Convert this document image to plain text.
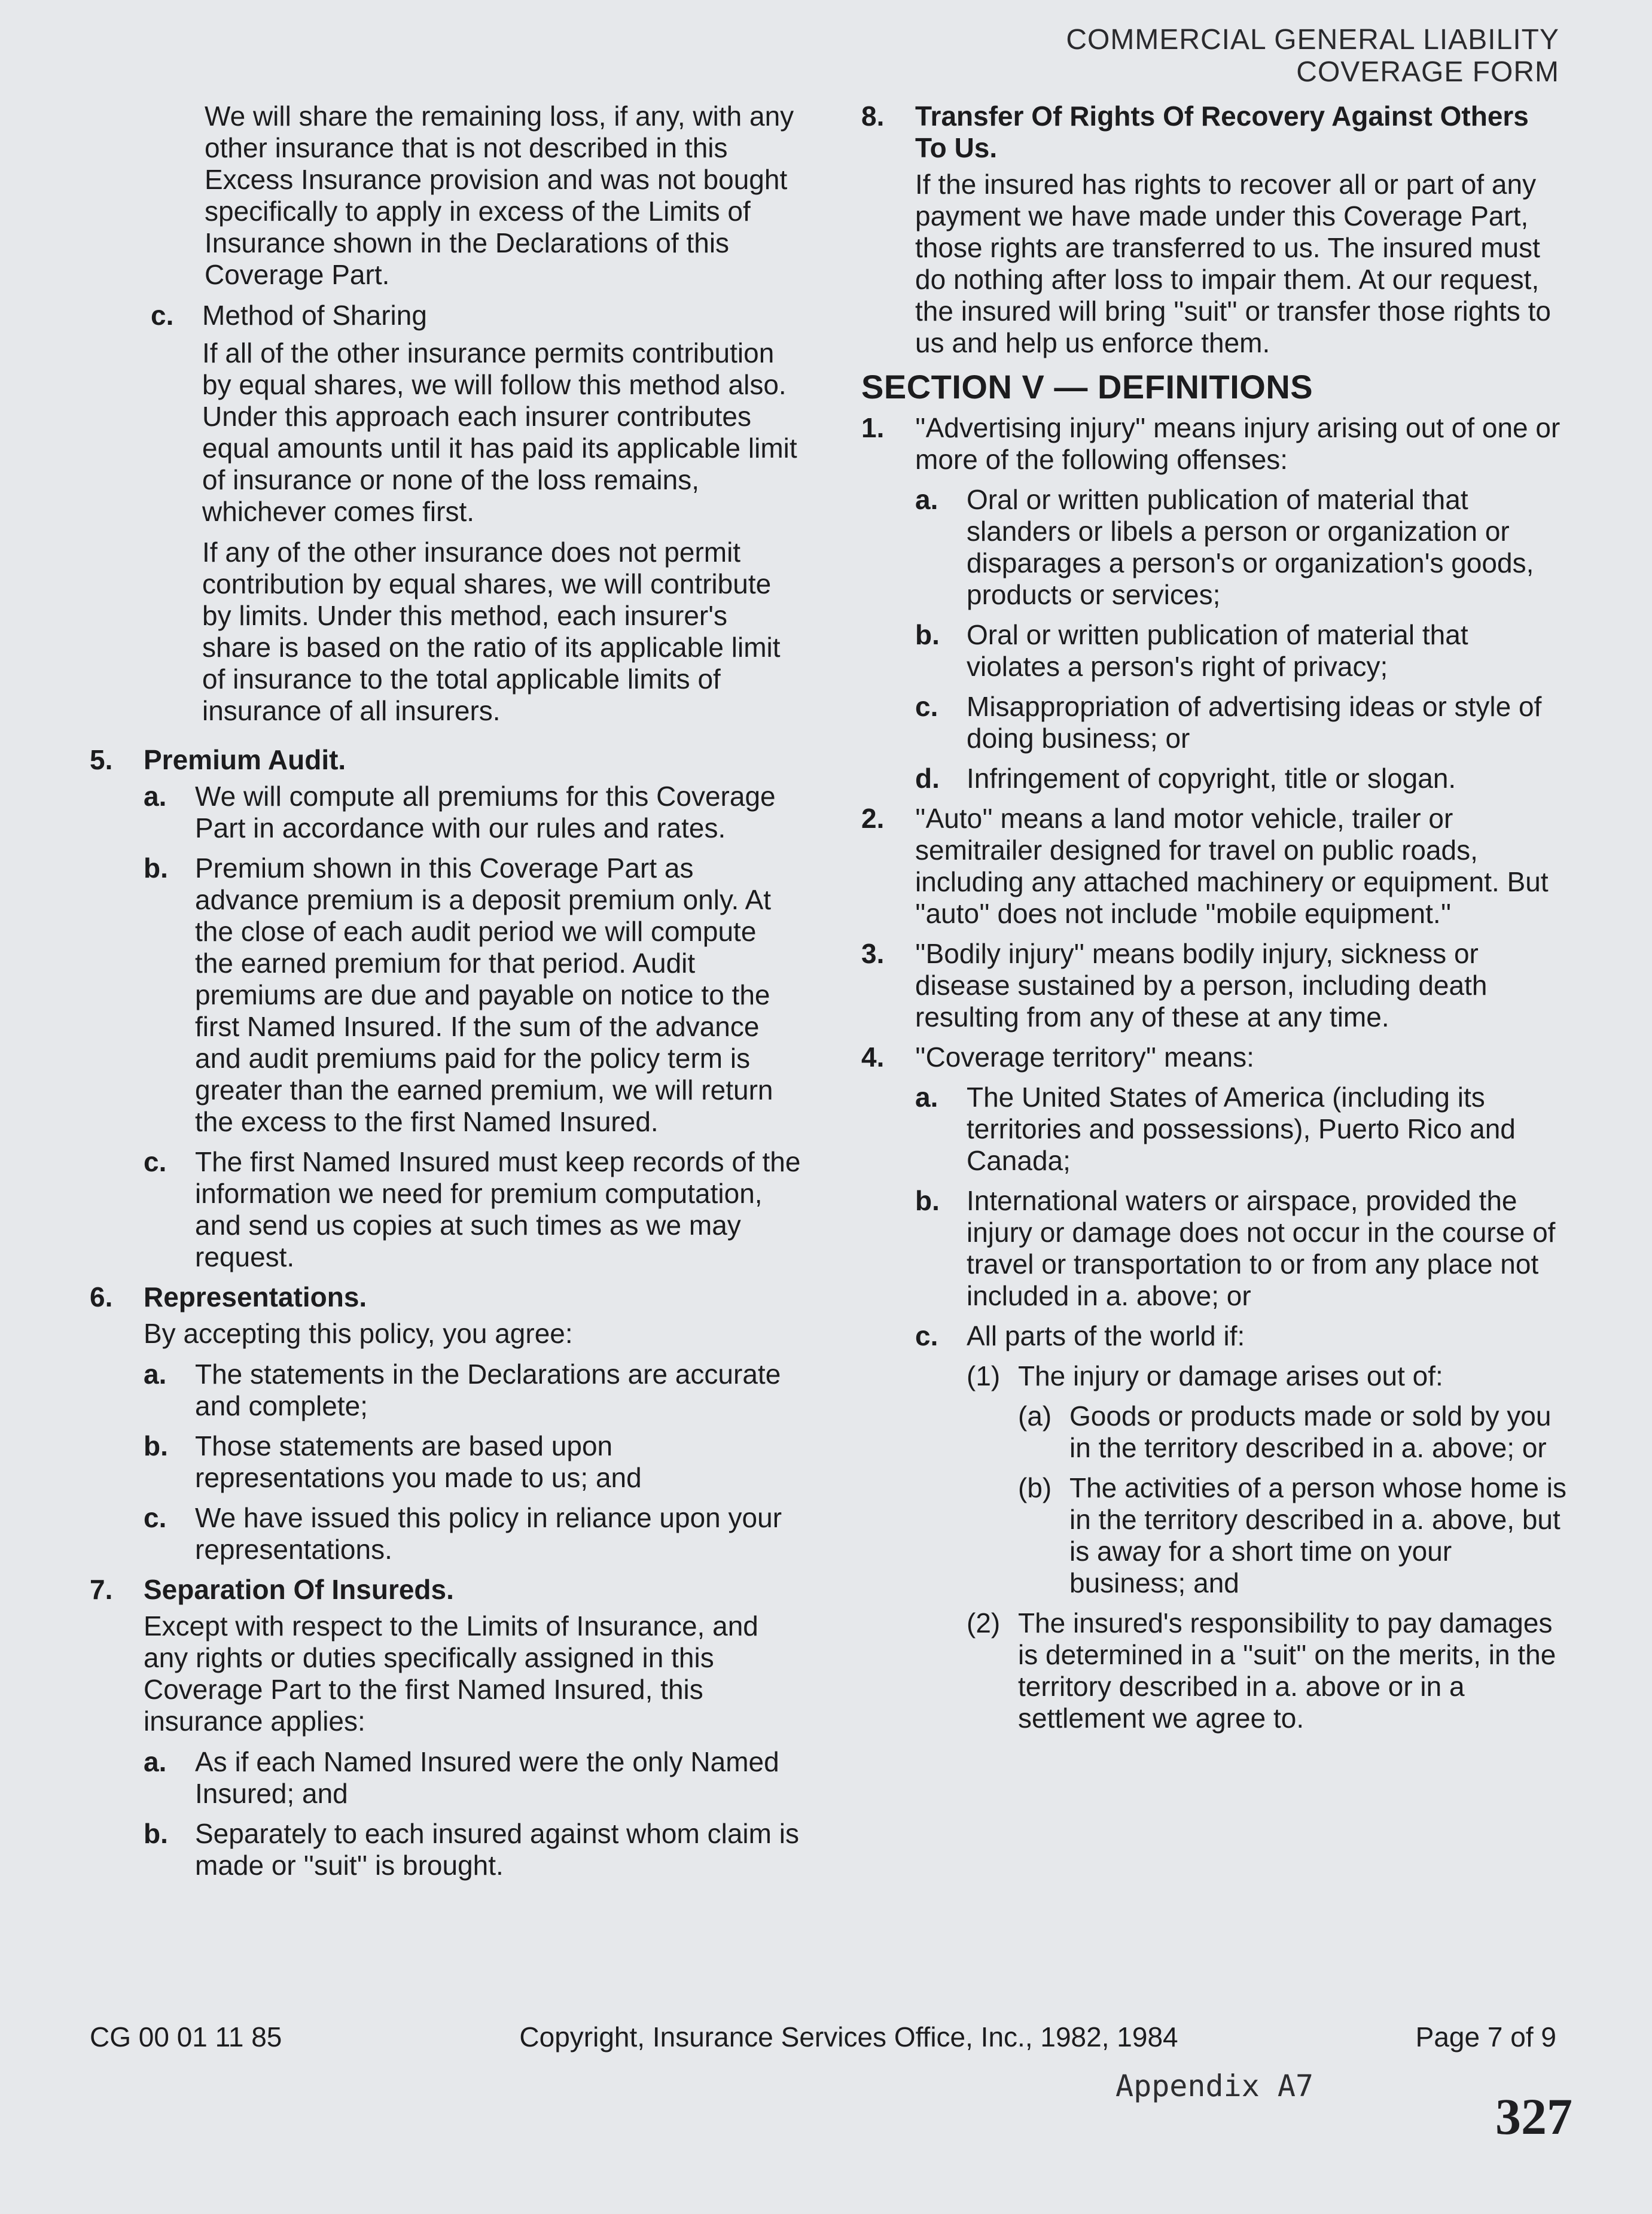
COMMERCIAL GENERAL LIABILITY
COVERAGE FORM

We will share the remaining loss, if any, with any other insurance that is not described in this Excess Insurance provision and was not bought specifically to apply in excess of the Limits of Insurance shown in the Declarations of this Coverage Part.

c.	Method of Sharing

If all of the other insurance permits contribution by equal shares, we will follow this method also. Under this approach each insurer contributes equal amounts until it has paid its applicable limit of insurance or none of the loss remains, whichever comes first.

If any of the other insurance does not permit contribution by equal shares, we will contribute by limits. Under this method, each insurer's share is based on the ratio of its applicable limit of insurance to the total applicable limits of insurance of all insurers.

5.	Premium Audit.
a.	We will compute all premiums for this Coverage Part in accordance with our rules and rates.
b. Premium shown in this Coverage Part as advance premium is a deposit premium only. At the close of each audit period we will compute the earned premium for that period. Audit premiums are due and payable on notice to the first Named Insured. If the sum of the advance and audit premiums paid for the policy term is greater than the earned premium, we will return the excess to the first Named Insured.
c.	The first Named Insured must keep records of the information we need for premium computation, and send us copies at such times as we may request.
6.	Representations.

By accepting this policy, you agree:

a.	The statements in the Declarations are accurate and complete;
b. Those statements are based upon representations you made to us; and
c.	We have issued this policy in reliance upon your representations.
7.	Separation Of Insureds.

Except with respect to the Limits of Insurance, and any rights or duties specifically assigned in this Coverage Part to the first Named Insured, this insurance applies:

a.	As if each Named Insured were the only Named Insured; and
b. Separately to each insured against whom claim is made or ''suit'' is brought.
8.	Transfer Of Rights Of Recovery Against Others To Us.

If the insured has rights to recover all or part of any payment we have made under this Coverage Part, those rights are transferred to us. The insured must do nothing after loss to impair them. At our request, the insured will bring ''suit'' or transfer those rights to us and help us enforce them.

SECTION V — DEFINITIONS
1.	''Advertising injury'' means injury arising out of one or more of the following offenses:
a.	Oral or written publication of material that slanders or libels a person or organization or disparages a person's or organization's goods, products or services;
b. Oral or written publication of material that violates a person's right of privacy;
c.	Misappropriation of advertising ideas or style of doing business; or
d. Infringement of copyright, title or slogan.
2.	''Auto'' means a land motor vehicle, trailer or semitrailer designed for travel on public roads, including any attached machinery or equipment. But ''auto'' does not include ''mobile equipment.''
3.	''Bodily injury'' means bodily injury, sickness or disease sustained by a person, including death resulting from any of these at any time.
4.	''Coverage territory'' means:
a.	The United States of America (including its territories and possessions), Puerto Rico and Canada;
b. International waters or airspace, provided the injury or damage does not occur in the course of travel or transportation to or from any place not included in a. above; or
c.	All parts of the world if:
(1) The injury or damage arises out of:
(a) Goods or products made or sold by you in the territory described in a. above; or
(b) The activities of a person whose home is in the territory described in a. above, but is away for a short time on your business; and
(2) The insured's responsibility to pay damages is determined in a ''suit'' on the merits, in the territory described in a. above or in a settlement we agree to.
CG 00 01 11 85	Copyright, Insurance Services Office, Inc., 1982, 1984	Page 7 of 9
Appendix A7
327
